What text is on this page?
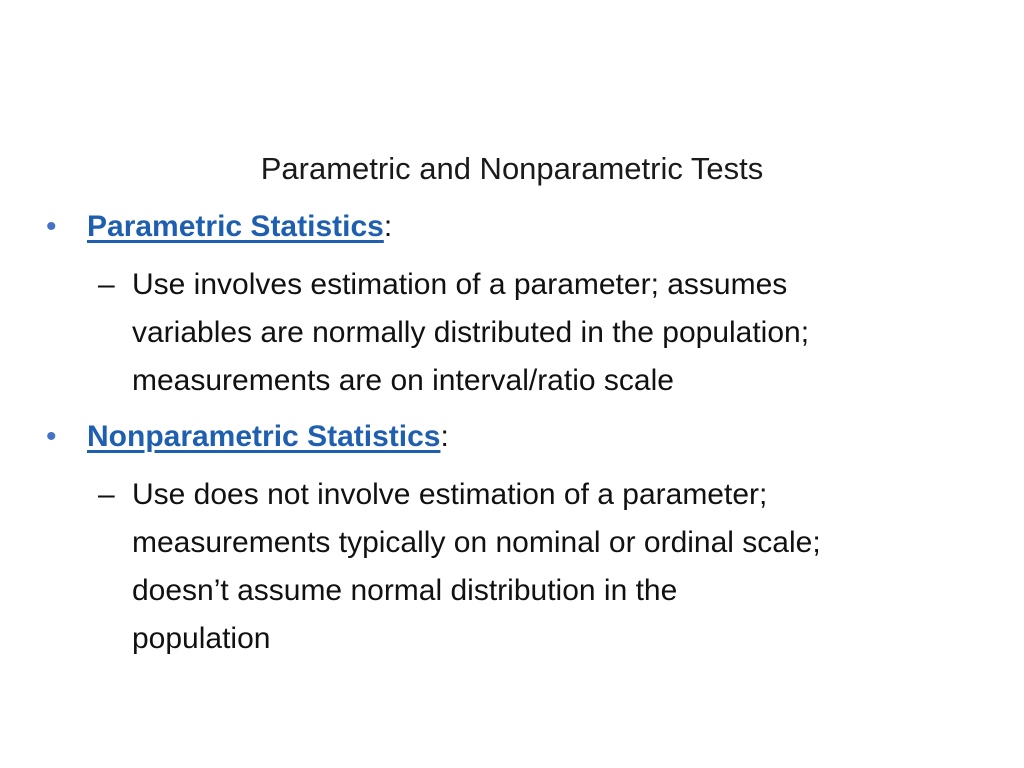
Parametric and Nonparametric Tests
•	Parametric Statistics:
– Use involves estimation of a parameter; assumes
variables are normally distributed in the population;
measurements are on interval/ratio scale
•	Nonparametric Statistics:
– Use does not involve estimation of a parameter;
measurements typically on nominal or ordinal scale;
doesn’t assume normal distribution in the
population
